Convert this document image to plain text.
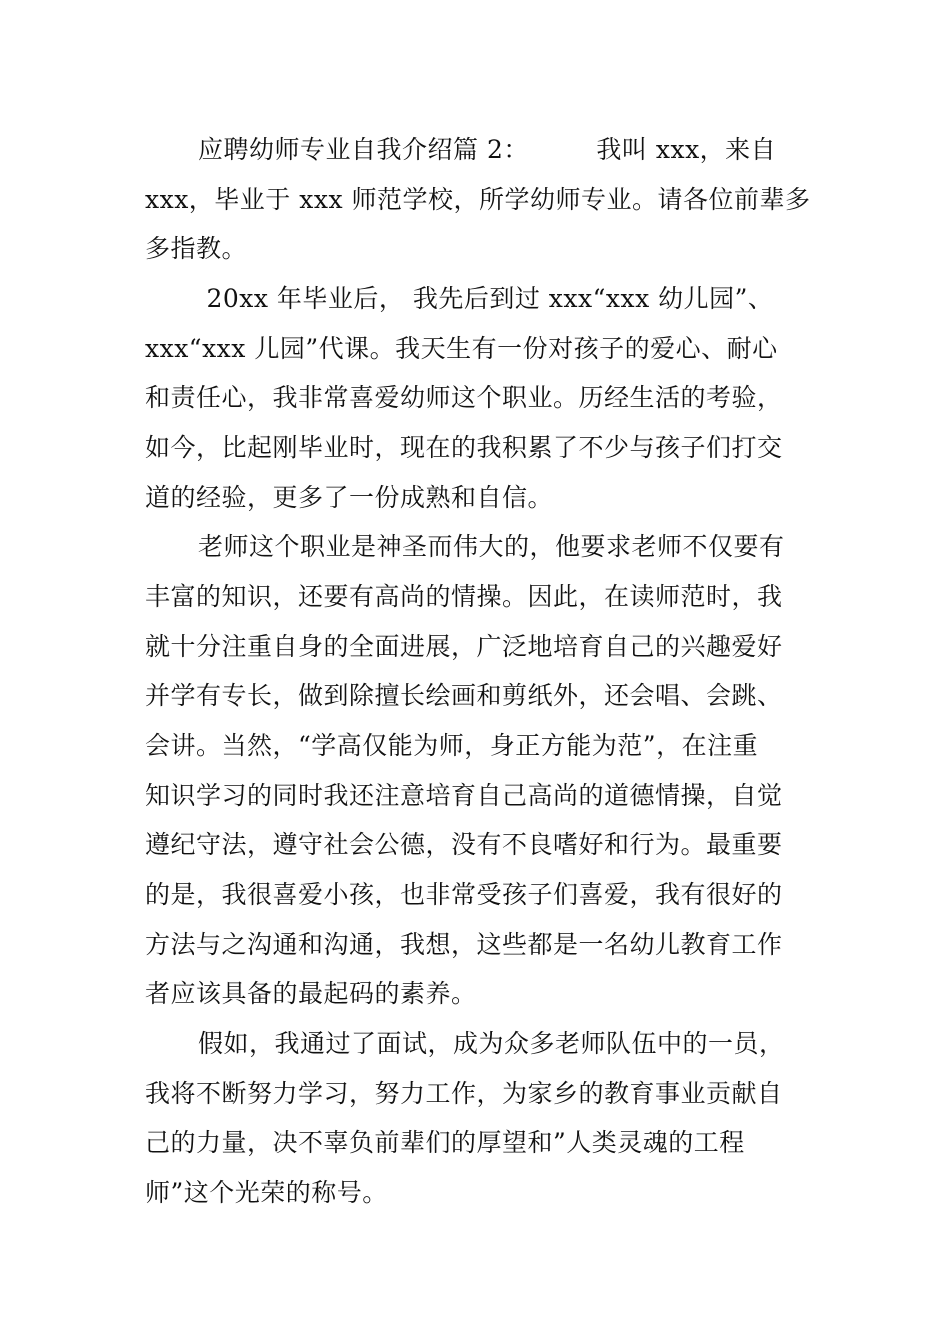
应聘幼师专业自我介绍篇 2：        我叫 xxx，来自
xxx，毕业于 xxx 师范学校，所学幼师专业。请各位前辈多
多指教。
20xx 年毕业后， 我先后到过 xxx“xxx 幼儿园”、
xxx“xxx 儿园”代课。我天生有一份对孩子的爱心、耐心
和责任心，我非常喜爱幼师这个职业。历经生活的考验，
如今，比起刚毕业时，现在的我积累了不少与孩子们打交
道的经验，更多了一份成熟和自信。
老师这个职业是神圣而伟大的，他要求老师不仅要有
丰富的知识，还要有高尚的情操。因此，在读师范时，我
就十分注重自身的全面进展，广泛地培育自己的兴趣爱好
并学有专长，做到除擅长绘画和剪纸外，还会唱、会跳、
会讲。当然，“学高仅能为师，身正方能为范”，在注重
知识学习的同时我还注意培育自己高尚的道德情操，自觉
遵纪守法，遵守社会公德，没有不良嗜好和行为。最重要
的是，我很喜爱小孩，也非常受孩子们喜爱，我有很好的
方法与之沟通和沟通，我想，这些都是一名幼儿教育工作
者应该具备的最起码的素养。
假如，我通过了面试，成为众多老师队伍中的一员，
我将不断努力学习，努力工作，为家乡的教育事业贡献自
己的力量，决不辜负前辈们的厚望和”人类灵魂的工程
师”这个光荣的称号。
